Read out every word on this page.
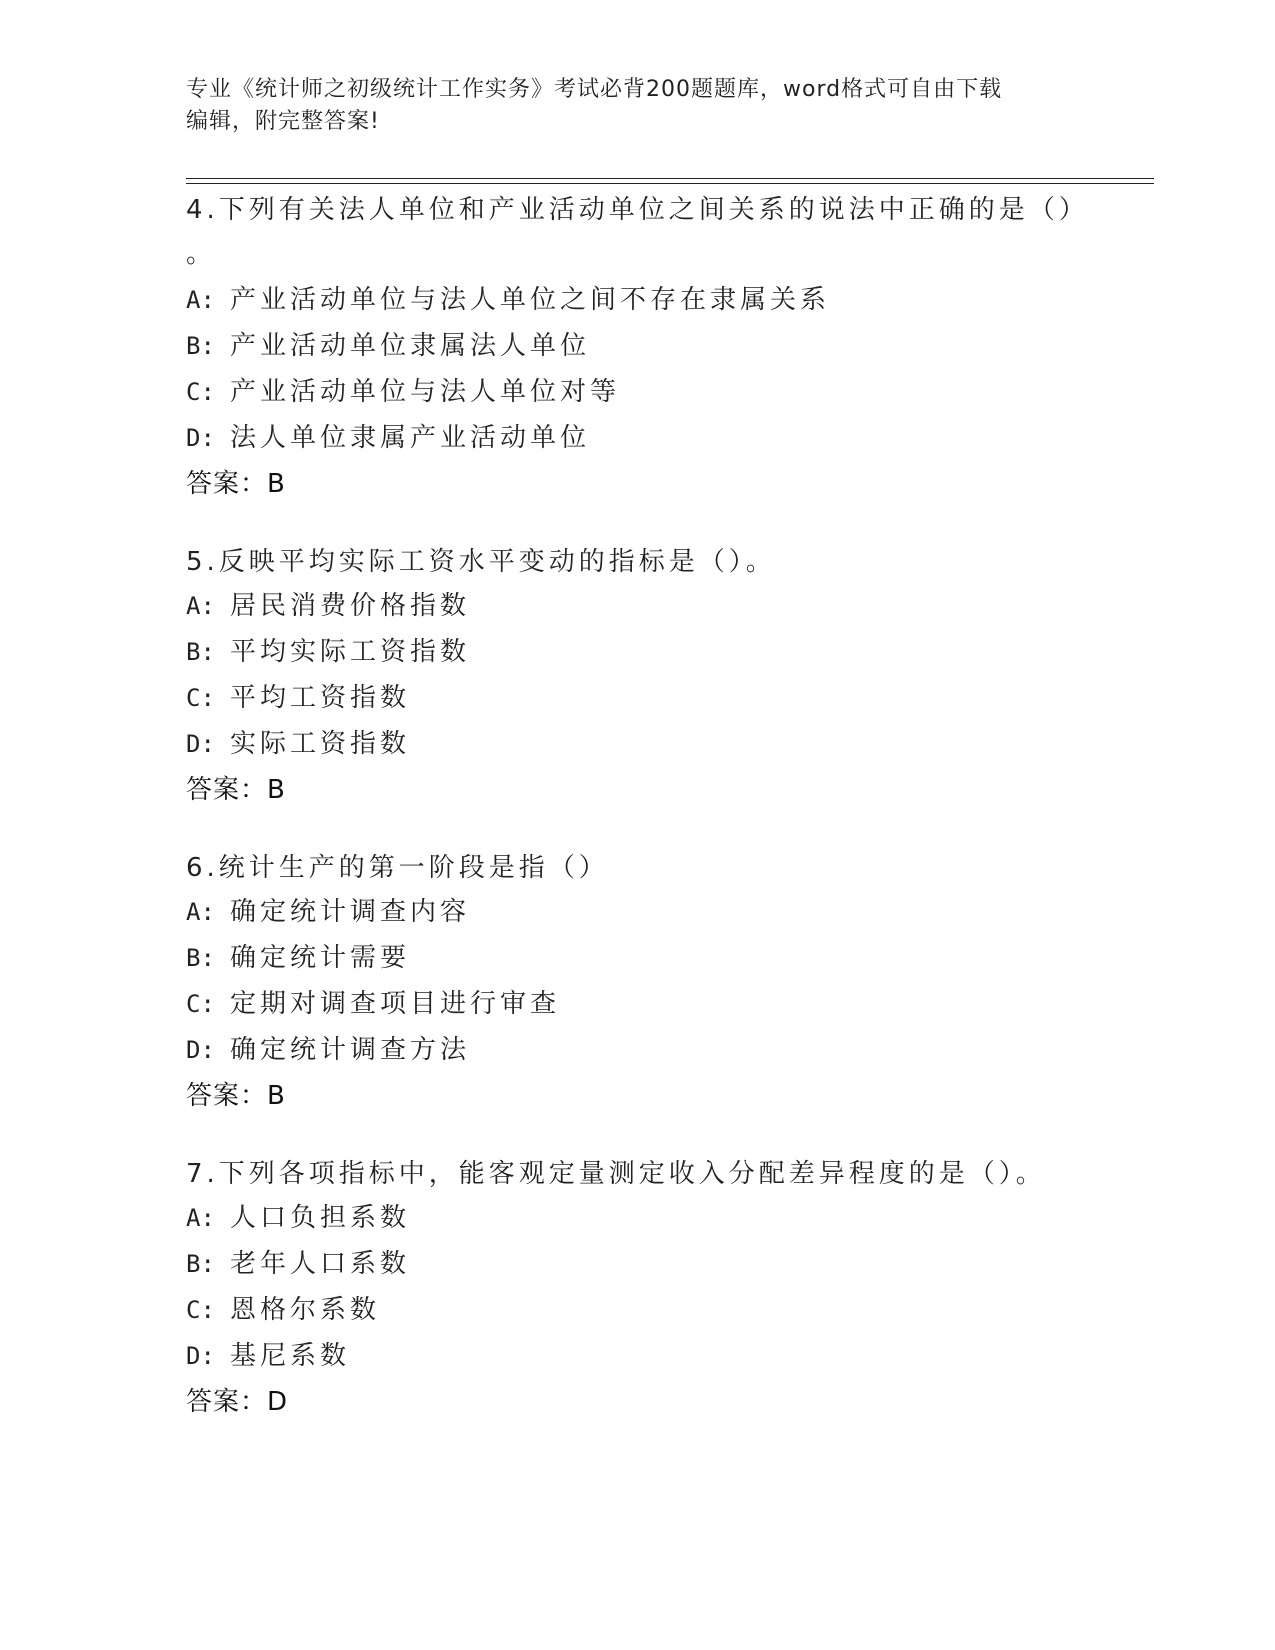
专业《统计师之初级统计工作实务》考试必背200题题库，word格式可自由下载
编辑，附完整答案!
4.下列有关法人单位和产业活动单位之间关系的说法中正确的是（）
。
A: 产业活动单位与法人单位之间不存在隶属关系
B: 产业活动单位隶属法人单位
C: 产业活动单位与法人单位对等
D: 法人单位隶属产业活动单位
答案：B
5.反映平均实际工资水平变动的指标是（）。
A: 居民消费价格指数
B: 平均实际工资指数
C: 平均工资指数
D: 实际工资指数
答案：B
6.统计生产的第一阶段是指（）
A: 确定统计调查内容
B: 确定统计需要
C: 定期对调查项目进行审查
D: 确定统计调查方法
答案：B
7.下列各项指标中，能客观定量测定收入分配差异程度的是（）。
A: 人口负担系数
B: 老年人口系数
C: 恩格尔系数
D: 基尼系数
答案：D
